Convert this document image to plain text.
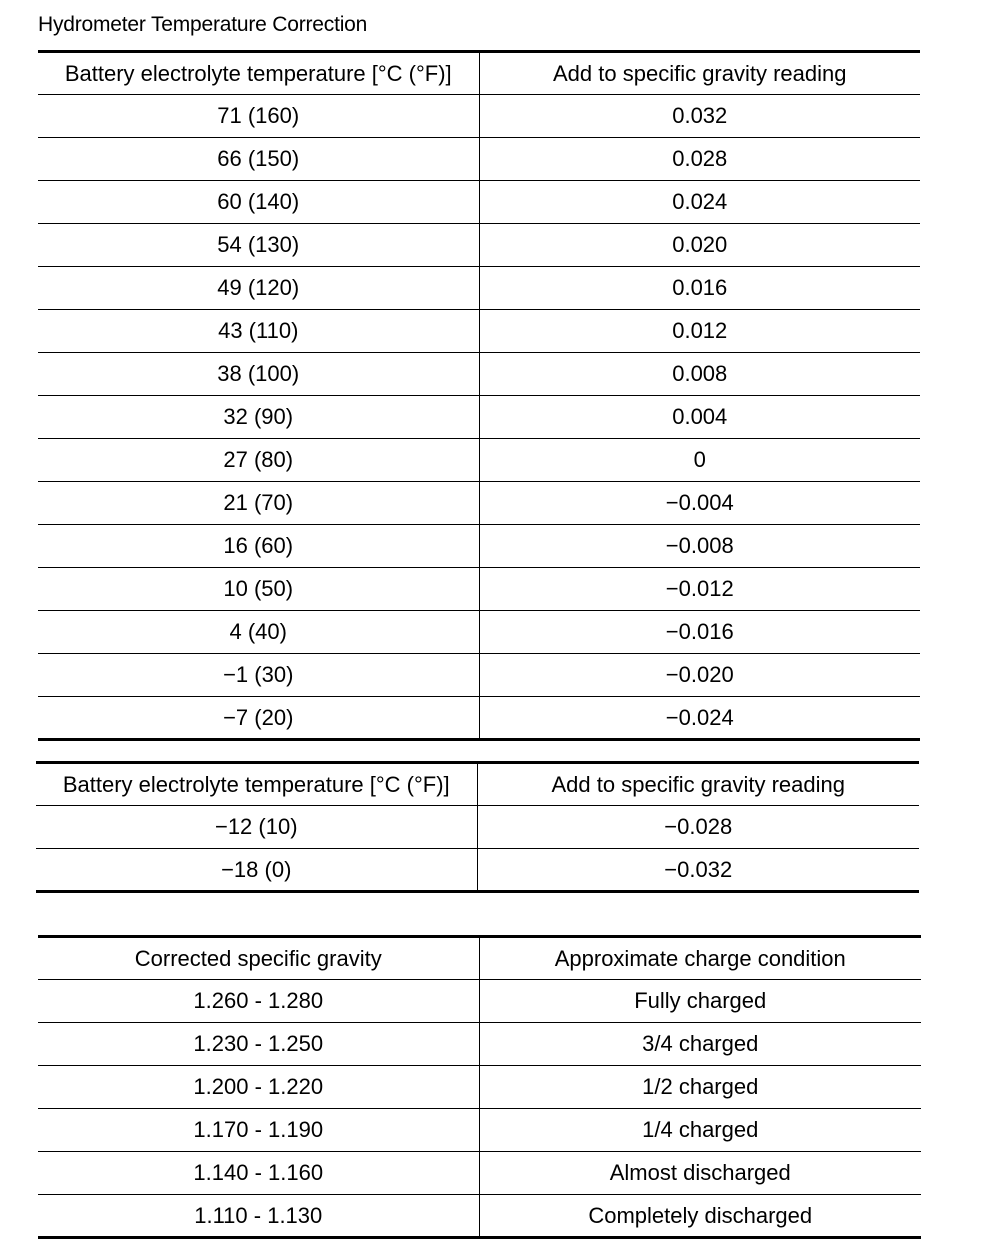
Hydrometer Temperature Correction
Battery electrolyte temperature [°C (°F)]	Add to specific gravity reading
71 (160)	0.032
66 (150)	0.028
60 (140)	0.024
54 (130)	0.020
49 (120)	0.016
43 (110)	0.012
38 (100)	0.008
32 (90)	0.004
27 (80)	0
21 (70)	−0.004
16 (60)	−0.008
10 (50)	−0.012
4 (40)	−0.016
−1 (30)	−0.020
−7 (20)	−0.024
Battery electrolyte temperature [°C (°F)]	Add to specific gravity reading
−12 (10)	−0.028
−18 (0)	−0.032
Corrected specific gravity	Approximate charge condition
1.260 - 1.280	Fully charged
1.230 - 1.250	3/4 charged
1.200 - 1.220	1/2 charged
1.170 - 1.190	1/4 charged
1.140 - 1.160	Almost discharged
1.110 - 1.130	Completely discharged
